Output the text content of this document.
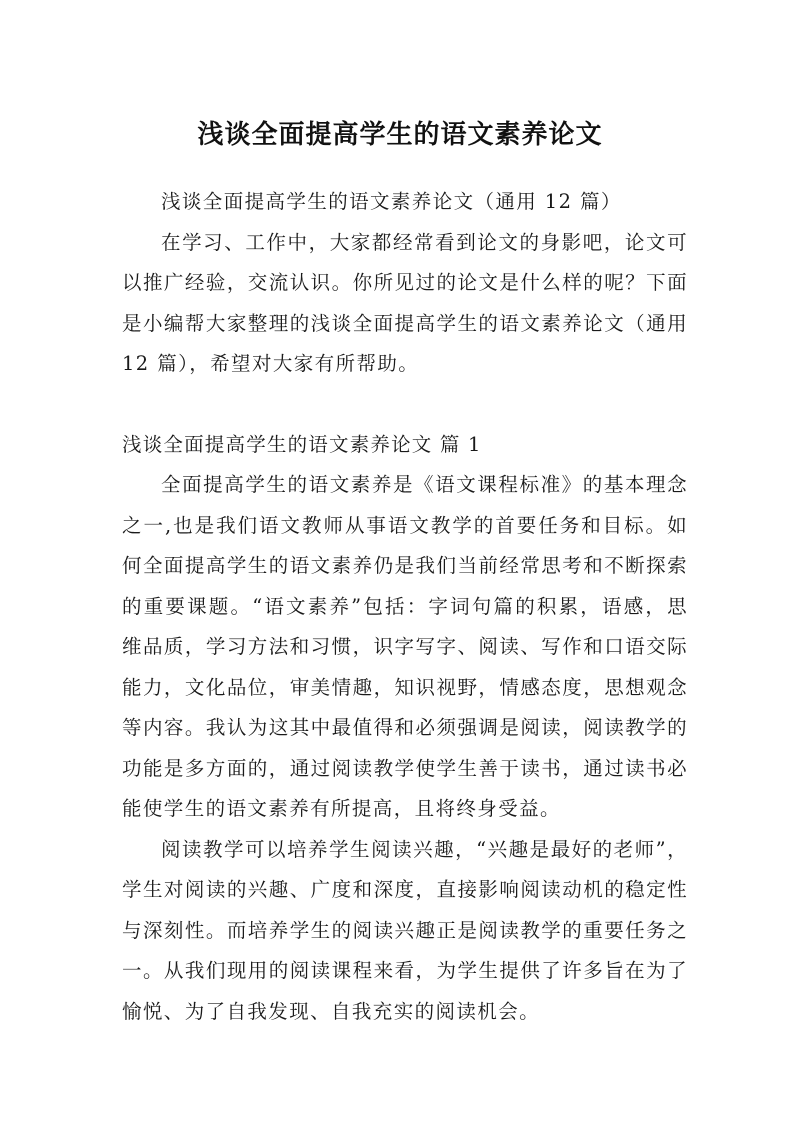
浅谈全面提高学生的语文素养论文

浅谈全面提高学生的语文素养论文（通用 12 篇）

在学习、工作中，大家都经常看到论文的身影吧，论文可以推广经验，交流认识。你所见过的论文是什么样的呢？下面是小编帮大家整理的浅谈全面提高学生的语文素养论文（通用 12 篇），希望对大家有所帮助。

浅谈全面提高学生的语文素养论文 篇 1

全面提高学生的语文素养是《语文课程标准》的基本理念之一,也是我们语文教师从事语文教学的首要任务和目标。如何全面提高学生的语文素养仍是我们当前经常思考和不断探索的重要课题。“语文素养”包括：字词句篇的积累，语感，思维品质，学习方法和习惯，识字写字、阅读、写作和口语交际能力，文化品位，审美情趣，知识视野，情感态度，思想观念等内容。我认为这其中最值得和必须强调是阅读，阅读教学的功能是多方面的，通过阅读教学使学生善于读书，通过读书必能使学生的语文素养有所提高，且将终身受益。

阅读教学可以培养学生阅读兴趣，“兴趣是最好的老师”，学生对阅读的兴趣、广度和深度，直接影响阅读动机的稳定性与深刻性。而培养学生的阅读兴趣正是阅读教学的重要任务之一。从我们现用的阅读课程来看，为学生提供了许多旨在为了愉悦、为了自我发现、自我充实的阅读机会。
